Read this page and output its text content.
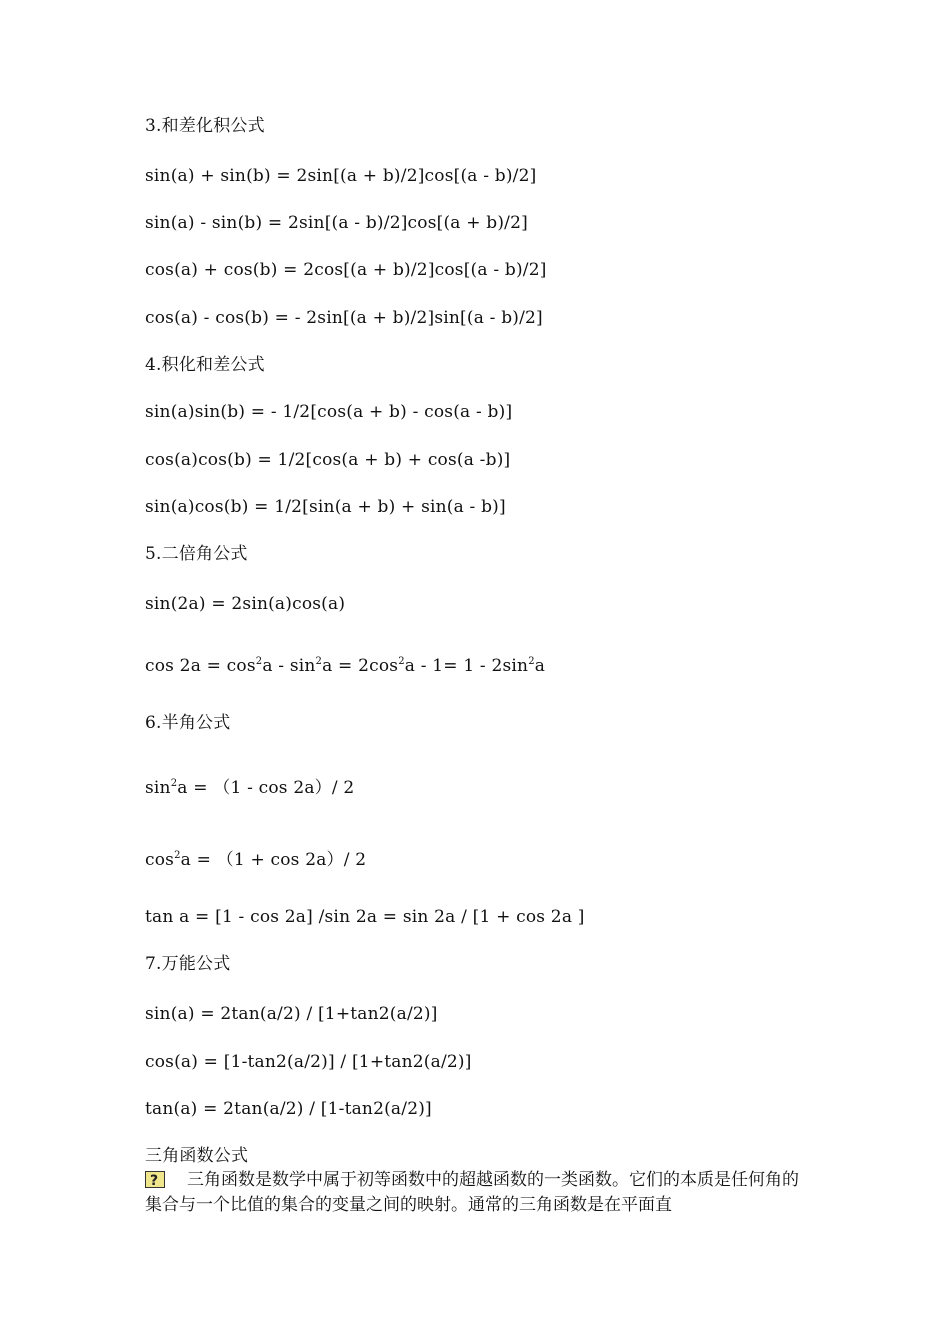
3.和差化积公式
sin(a) + sin(b) = 2sin[(a + b)/2]cos[(a - b)/2]
sin(a) - sin(b) = 2sin[(a - b)/2]cos[(a + b)/2]
cos(a) + cos(b) = 2cos[(a + b)/2]cos[(a - b)/2]
cos(a) - cos(b) = - 2sin[(a + b)/2]sin[(a - b)/2]
4.积化和差公式
sin(a)sin(b) = - 1/2[cos(a + b) - cos(a - b)]
cos(a)cos(b) = 1/2[cos(a + b) + cos(a -b)]
sin(a)cos(b) = 1/2[sin(a + b) + sin(a - b)]
5.二倍角公式
sin(2a) = 2sin(a)cos(a)
$\cos 2a = \cos^2a - \sin^2a = 2\cos^2a - 1= 1 - 2\sin^2a$
6.半角公式
$\sin^2a = (1 - \cos 2a)/$ 2
$\cos^2a = (1 + \cos 2a)/$ 2
tan a = [1 - cos 2a] /sin 2a = sin 2a / [1 + cos 2a ]
7.万能公式
sin(a) = 2tan(a/2) / [1+tan2(a/2)]
cos(a) = [1-tan2(a/2)] / [1+tan2(a/2)]
tan(a) = 2tan(a/2) / [1-tan2(a/2)]
三角函数公式
?三角函数是数学中属于初等函数中的超越函数的一类函数。它们的本质是任何角的集合与一个比值的集合的变量之间的映射。通常的三角函数是在平面直
